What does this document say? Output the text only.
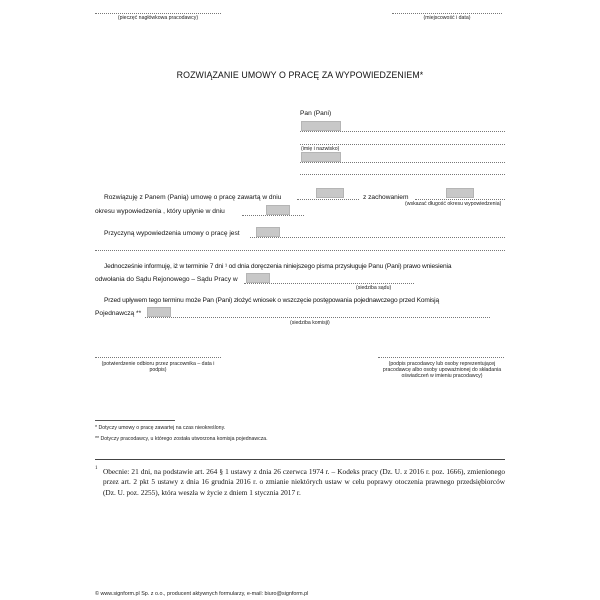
(pieczęć nagłówkowa pracodawcy)	(miejscowość i data)
ROZWIĄZANIE UMOWY O PRACĘ ZA WYPOWIEDZENIEM*
Pan (Pani)
(imię i nazwisko)
Rozwiązuję z Panem (Panią) umowę o pracę zawartą w dniu	z zachowaniem
(wskazać długość okresu wypowiedzenia)
okresu wypowiedzenia , który upłynie w dniu
Przyczyną wypowiedzenia umowy o pracę jest
Jednocześnie informuję, iż w terminie 7 dni ¹ od dnia doręczenia niniejszego pisma przysługuje Panu (Pani) prawo wniesienia
odwołania do Sądu Rejonowego – Sądu Pracy w
(siedziba sądu)
Przed upływem tego terminu może Pan (Pani) złożyć wniosek o wszczęcie postępowania pojednawczego przed Komisją
Pojednawczą **
(siedziba komisji)
(potwierdzenie odbioru przez pracownika – data i podpis)
(podpis pracodawcy lub osoby reprezentującej pracodawcę albo osoby upoważnionej do składania oświadczeń w imieniu pracodawcy)
* Dotyczy umowy o pracę zawartej na czas nieokreślony.
** Dotyczy pracodawcy, u którego została utworzona komisja pojednawcza.
1 Obecnie: 21 dni, na podstawie art. 264 § 1 ustawy z dnia 26 czerwca 1974 r. – Kodeks pracy (Dz. U. z 2016 r. poz. 1666), zmienionego przez art. 2 pkt 5 ustawy z dnia 16 grudnia 2016 r. o zmianie niektórych ustaw w celu poprawy otoczenia prawnego przedsiębiorców (Dz. U. poz. 2255), która weszła w życie z dniem 1 stycznia 2017 r.
© www.signform.pl Sp. z o.o., producent aktywnych formularzy, e-mail: biuro@signform.pl
